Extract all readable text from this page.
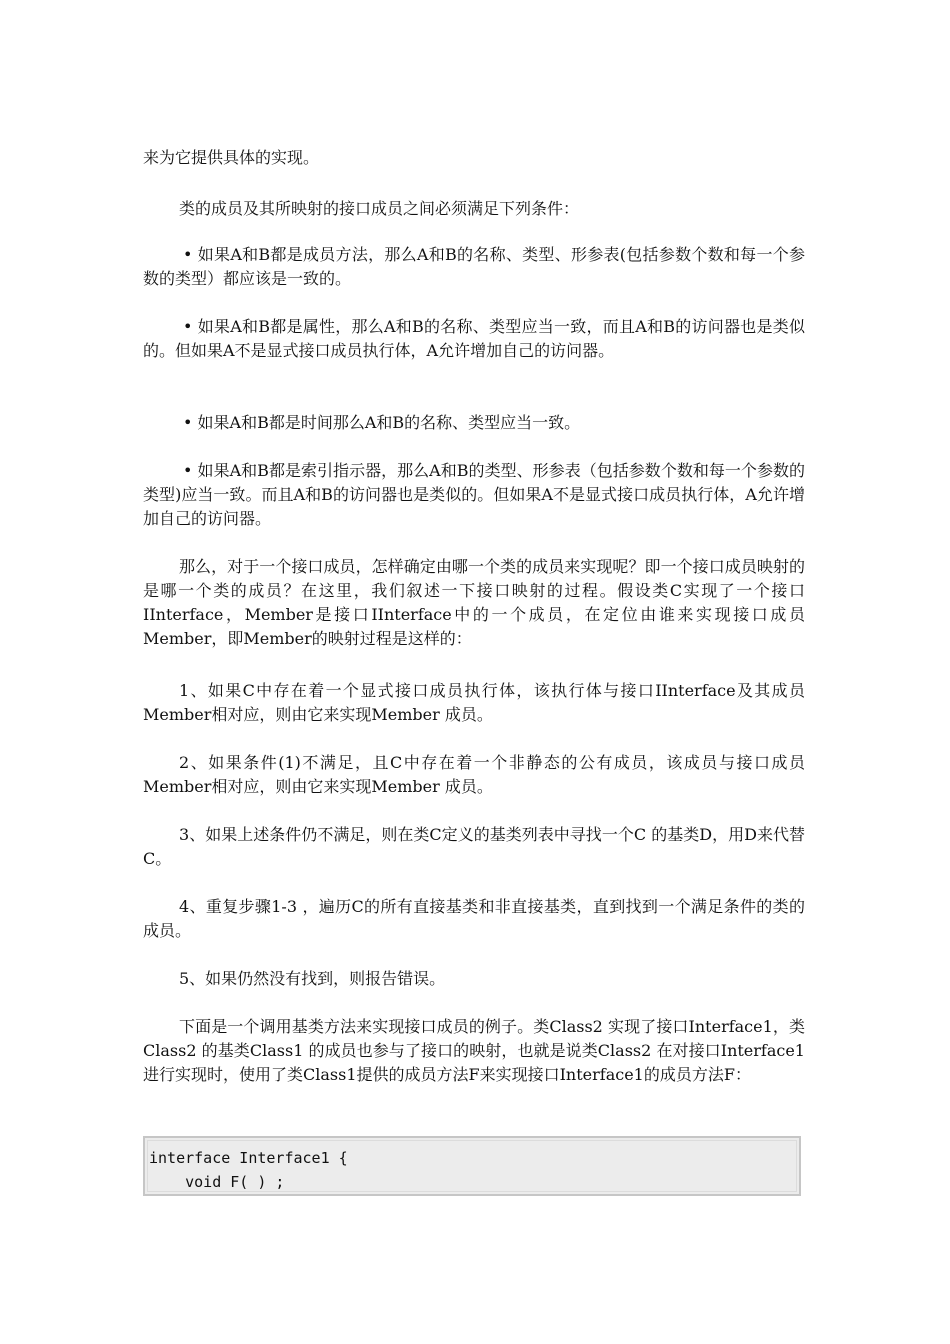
来为它提供具体的实现。

类的成员及其所映射的接口成员之间必须满足下列条件：

• 如果A和B都是成员方法，那么A和B的名称、类型、形参表(包括参数个数和每一个参数的类型）都应该是一致的。

• 如果A和B都是属性，那么A和B的名称、类型应当一致，而且A和B的访问器也是类似的。但如果A不是显式接口成员执行体，A允许增加自己的访问器。

• 如果A和B都是时间那么A和B的名称、类型应当一致。

• 如果A和B都是索引指示器，那么A和B的类型、形参表（包括参数个数和每一个参数的类型)应当一致。而且A和B的访问器也是类似的。但如果A不是显式接口成员执行体，A允许增加自己的访问器。

那么，对于一个接口成员，怎样确定由哪一个类的成员来实现呢？即一个接口成员映射的是哪一个类的成员？在这里，我们叙述一下接口映射的过程。假设类C实现了一个接口IInterface，Member是接口IInterface中的一个成员，在定位由谁来实现接口成员Member，即Member的映射过程是这样的：

1、如果C中存在着一个显式接口成员执行体，该执行体与接口IInterface及其成员Member相对应，则由它来实现Member 成员。

2、如果条件(1)不满足，且C中存在着一个非静态的公有成员，该成员与接口成员Member相对应，则由它来实现Member 成员。

3、如果上述条件仍不满足，则在类C定义的基类列表中寻找一个C 的基类D，用D来代替C。

4、重复步骤1-3 ，遍历C的所有直接基类和非直接基类，直到找到一个满足条件的类的成员。

5、如果仍然没有找到，则报告错误。

下面是一个调用基类方法来实现接口成员的例子。类Class2 实现了接口Interface1，类Class2 的基类Class1 的成员也参与了接口的映射，也就是说类Class2 在对接口Interface1进行实现时，使用了类Class1提供的成员方法F来实现接口Interface1的成员方法F：

interface Interface1 {
void F( ) ;
